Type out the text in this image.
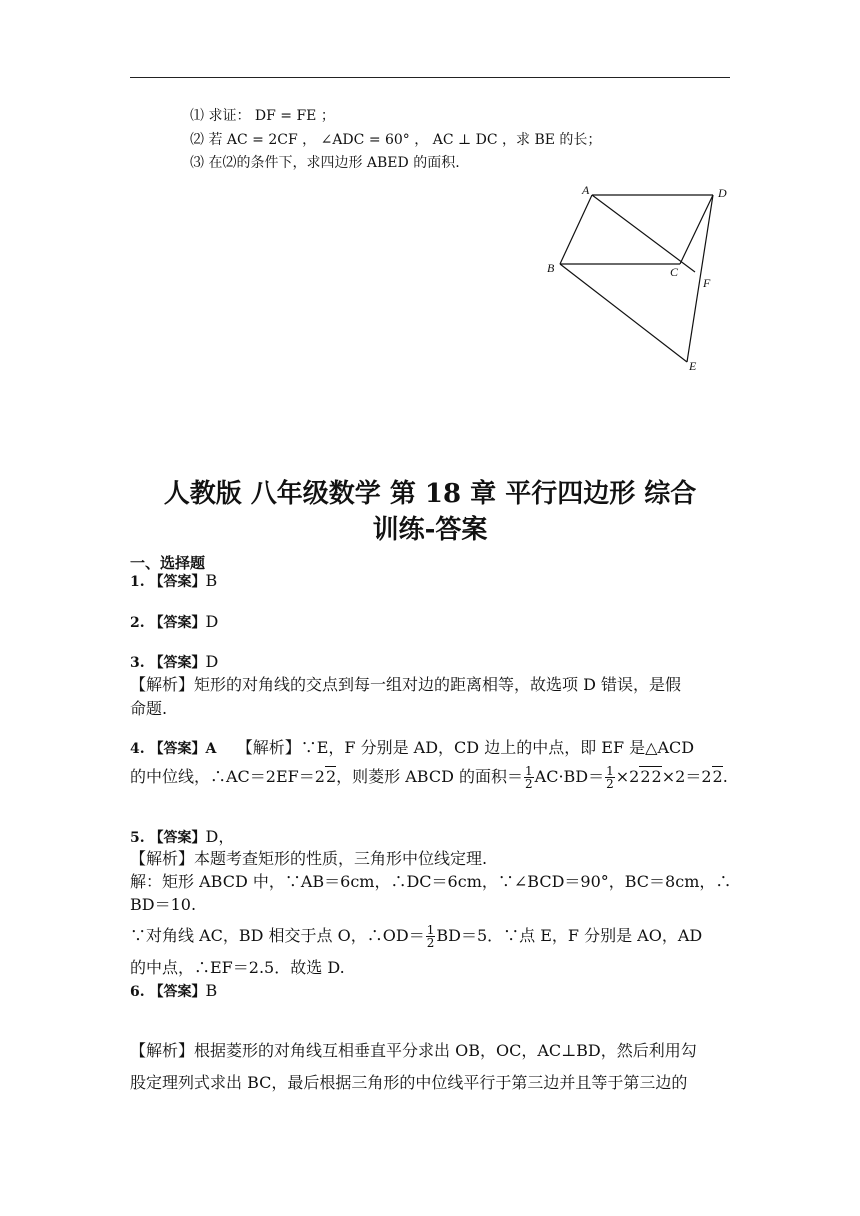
⑴ 求证： DF = FE ；
⑵ 若 AC = 2CF ， ∠ADC = 60° ， AC ⊥ DC ，求 BE 的长；
⑶ 在⑵的条件下，求四边形 ABED 的面积.
A	D
B	C
F
E
人教版 八年级数学 第 18 章 平行四边形 综合
训练-答案
一、选择题
1. 【答案】B
2. 【答案】D
3. 【答案】D
【解析】矩形的对角线的交点到每一组对边的距离相等，故选项 D 错误，是假
命题.
4. 【答案】A 【解析】∵E，F 分别是 AD，CD 边上的中点，即 EF 是△ACD
的中位线，∴AC＝2EF＝22，则菱形 ABCD 的面积＝ $\frac{1}{2} AC\cdot BD= \frac{1}{2} \times 222\times 2=22$.
5. 【答案】D，
【解析】本题考查矩形的性质，三角形中位线定理.
解：矩形 ABCD 中，∵AB＝6cm，∴DC＝6cm，∵∠BCD＝90°，BC＝8cm，∴
BD＝10.
∵对角线 AC，BD 相交于点 O，∴OD＝ $\frac{1}{2} BD=5$．∵点 E，F 分别是 AO，AD
的中点，∴EF＝2.5．故选 D.
6. 【答案】B
【解析】根据菱形的对角线互相垂直平分求出 OB，OC，AC⊥BD，然后利用勾
股定理列式求出 BC，最后根据三角形的中位线平行于第三边并且等于第三边的
